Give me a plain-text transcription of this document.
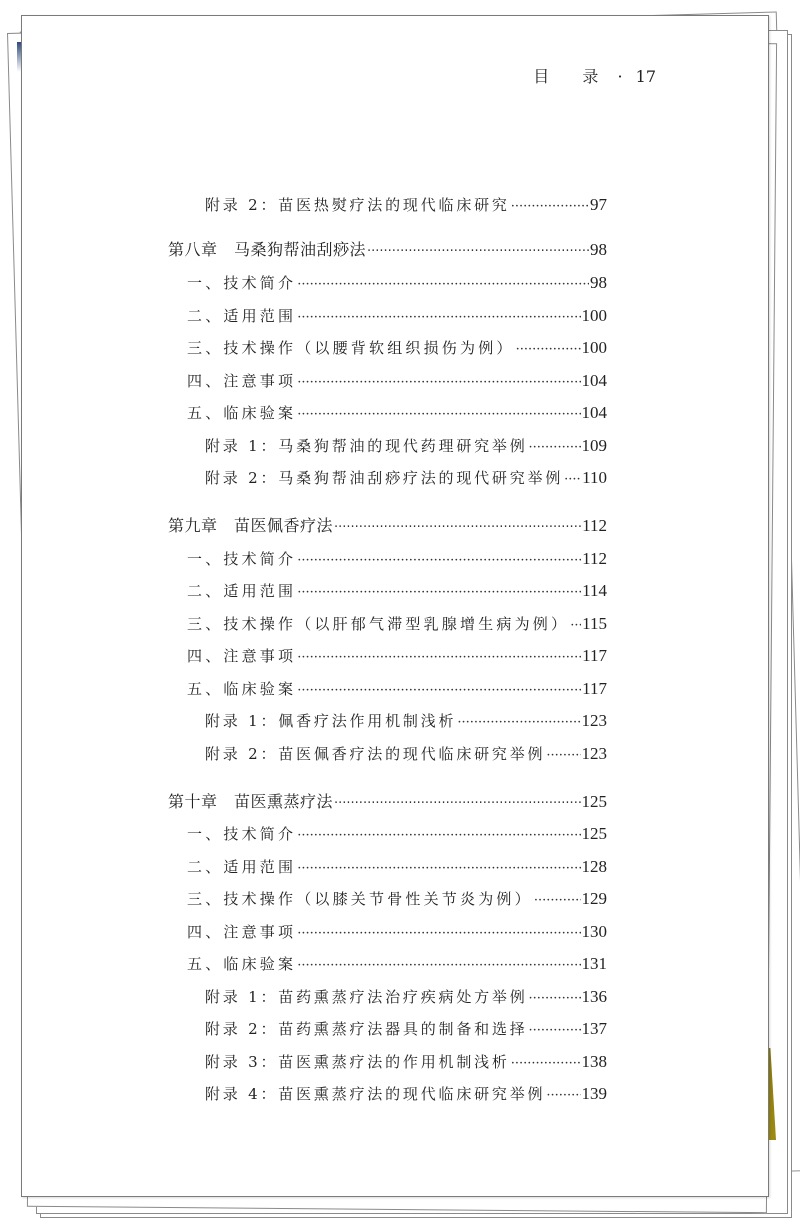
目 录 · 17
附录 2：苗医热熨疗法的现代临床研究 ·····	97
第八章　马桑狗帮油刮痧法 ·····	98
一、技术简介 ·····	98
二、适用范围 ·····	100
三、技术操作（以腰背软组织损伤为例） ·····	100
四、注意事项 ·····	104
五、临床验案 ·····	104
附录 1：马桑狗帮油的现代药理研究举例 ·····	109
附录 2：马桑狗帮油刮痧疗法的现代研究举例 ····· 110
第九章　苗医佩香疗法 ·····	112
一、技术简介 ·····	112
二、适用范围 ·····	114
三、技术操作（以肝郁气滞型乳腺增生病为例） ····· 115
四、注意事项 ·····	117
五、临床验案 ·····	117
附录 1：佩香疗法作用机制浅析 ·····	123
附录 2：苗医佩香疗法的现代临床研究举例 ····· 123
第十章　苗医熏蒸疗法 ·····	125
一、技术简介 ·····	125
二、适用范围 ·····	128
三、技术操作（以膝关节骨性关节炎为例） ·····	129
四、注意事项 ·····	130
五、临床验案 ·····	131
附录 1：苗药熏蒸疗法治疗疾病处方举例 ·····	136
附录 2：苗药熏蒸疗法器具的制备和选择 ·····	137
附录 3：苗医熏蒸疗法的作用机制浅析 ·····	138
附录 4：苗医熏蒸疗法的现代临床研究举例 ····· 139
